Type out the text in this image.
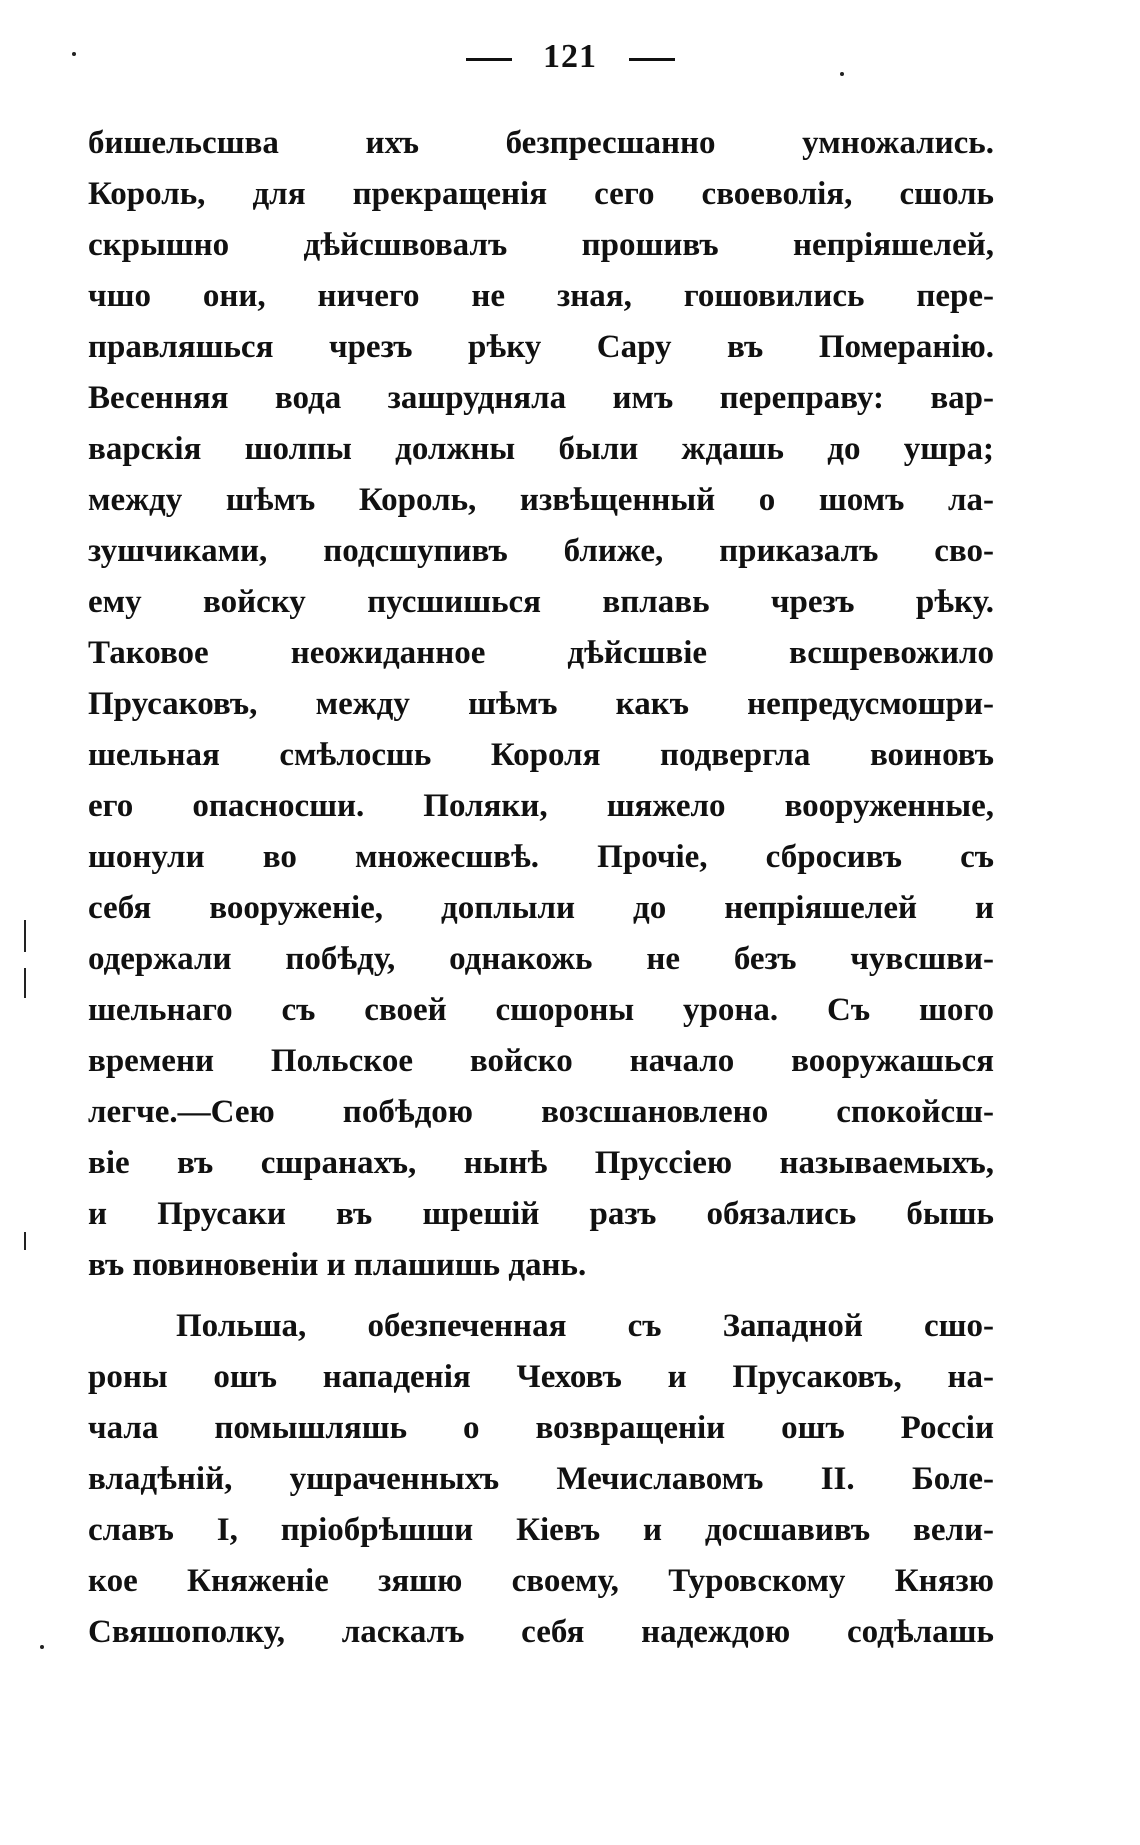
121
бишельсшва ихъ безпресшанно умножались.
Король, для прекращенія сего своеволія, сшоль
скрышно дѣйсшвовалъ прошивъ непріяшелей,
чшо они, ничего не зная, гошовились пере-
правляшься чрезъ рѣку Сару въ Померанію.
Весенняя вода зашрудняла имъ переправу: вар-
варскія шолпы должны были ждашь до ушра;
между шѣмъ Король, извѣщенный о шомъ ла-
зушчиками, подсшупивъ ближе, приказалъ сво-
ему войску пусшишься вплавь чрезъ рѣку.
Таковое неожиданное дѣйсшвіе всшревожило
Прусаковъ, между шѣмъ какъ непредусмошри-
шельная смѣлосшь Короля подвергла воиновъ
его опасносши. Поляки, шяжело вооруженные,
шонули во множесшвѣ. Прочіе, сбросивъ съ
себя вооруженіе, доплыли до непріяшелей и
одержали побѣду, однакожь не безъ чувсшви-
шельнаго съ своей сшороны урона. Съ шого
времени Польское войско начало вооружашься
легче.—Сею побѣдою возсшановлено спокойсш-
віе въ сшранахъ, нынѣ Пруссіею называемыхъ,
и Прусаки въ шрешій разъ обязались бышь
въ повиновеніи и плашишь дань.
Польша, обезпеченная съ Западной сшо-
роны ошъ нападенія Чеховъ и Прусаковъ, на-
чала помышляшь о возвращеніи ошъ Россіи
владѣній, ушраченныхъ Мечиславомъ II. Боле-
славъ I, пріобрѣшши Кіевъ и досшавивъ вели-
кое Княженіе зяшю своему, Туровскому Князю
Свяшополку, ласкалъ себя надеждою содѣлашь
